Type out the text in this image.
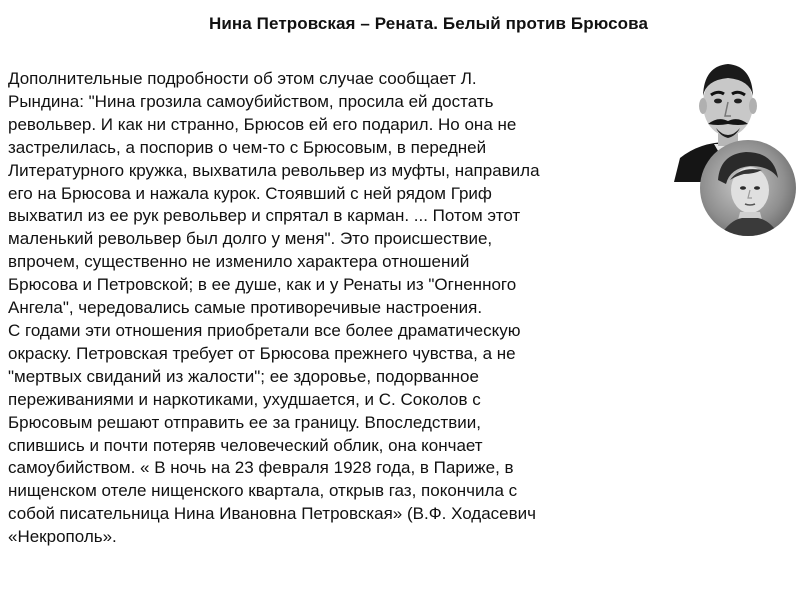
Нина Петровская – Рената. Белый против Брюсова
Дополнительные подробности об этом случае сообщает Л.
Рындина: "Нина грозила самоубийством, просила ей достать
револьвер. И как ни странно, Брюсов ей его подарил. Но она не
застрелилась, а поспорив о чем-то с Брюсовым, в передней
Литературного кружка, выхватила револьвер из муфты, направила
его на Брюсова и нажала курок. Стоявший с ней рядом Гриф
выхватил из ее рук револьвер и спрятал в карман. ... Потом этот
маленький револьвер был долго у меня". Это происшествие,
впрочем, существенно не изменило характера отношений
Брюсова и Петровской; в ее душе, как и у Ренаты из "Огненного
Ангела", чередовались самые противоречивые настроения.
С годами эти отношения приобретали все более драматическую
окраску. Петровская требует от Брюсова прежнего чувства, а не
"мертвых свиданий из жалости"; ее здоровье, подорванное
переживаниями и наркотиками, ухудшается, и С. Соколов с
Брюсовым решают отправить ее за границу. Впоследствии,
спившись и почти потеряв человеческий облик, она кончает
самоубийством. « В ночь на 23 февраля 1928 года, в Париже, в
нищенском отеле нищенского квартала, открыв газ, покончила с
собой писательница Нина Ивановна Петровская» (В.Ф. Ходасевич
«Некрополь».
